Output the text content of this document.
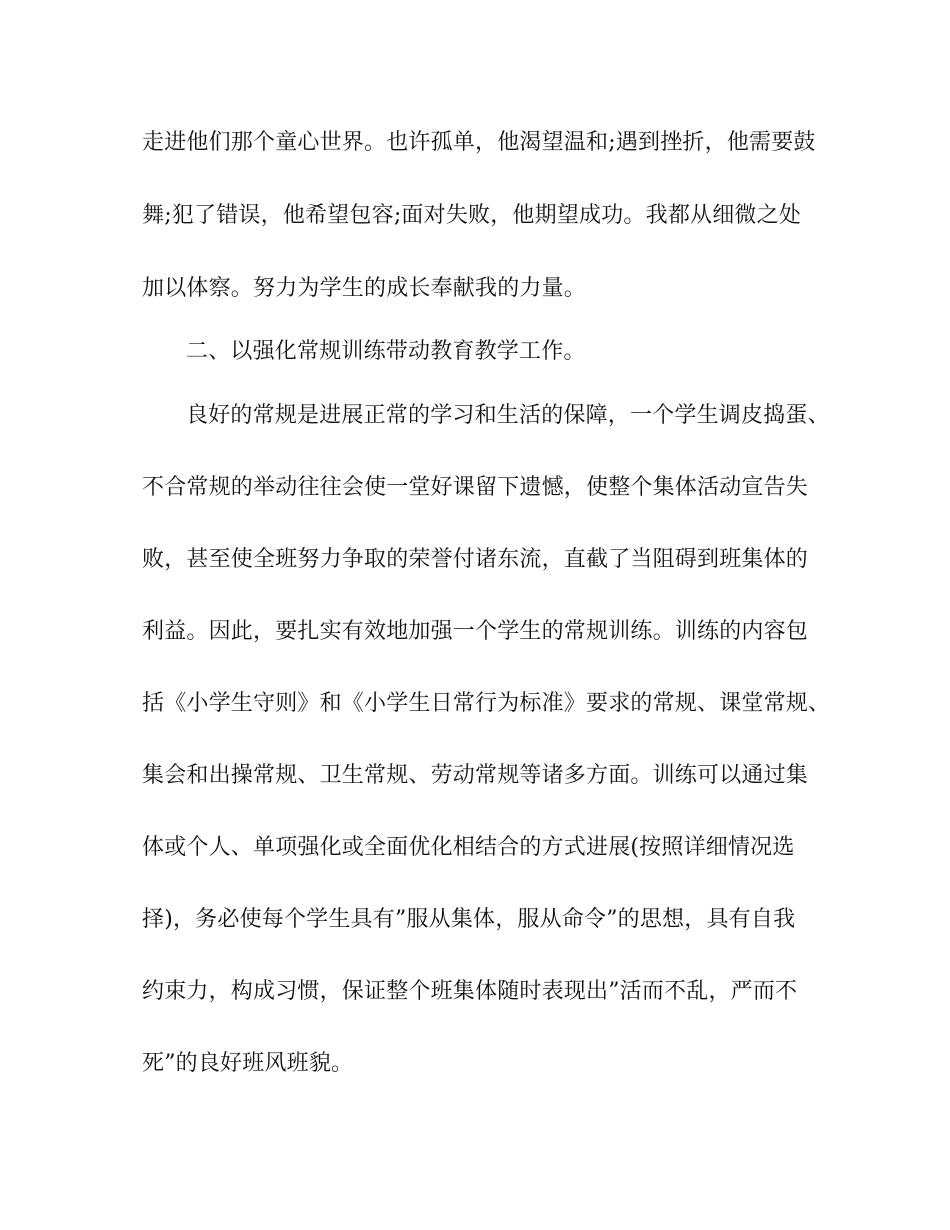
走进他们那个童心世界。也许孤单，他渴望温和;遇到挫折，他需要鼓
舞;犯了错误，他希望包容;面对失败，他期望成功。我都从细微之处
加以体察。努力为学生的成长奉献我的力量。
二、以强化常规训练带动教育教学工作。
良好的常规是进展正常的学习和生活的保障，一个学生调皮捣蛋、
不合常规的举动往往会使一堂好课留下遗憾，使整个集体活动宣告失
败，甚至使全班努力争取的荣誉付诸东流，直截了当阻碍到班集体的
利益。因此，要扎实有效地加强一个学生的常规训练。训练的内容包
括《小学生守则》和《小学生日常行为标准》要求的常规、课堂常规、
集会和出操常规、卫生常规、劳动常规等诸多方面。训练可以通过集
体或个人、单项强化或全面优化相结合的方式进展(按照详细情况选
择)，务必使每个学生具有”服从集体，服从命令”的思想，具有自我
约束力，构成习惯，保证整个班集体随时表现出”活而不乱，严而不
死”的良好班风班貌。
